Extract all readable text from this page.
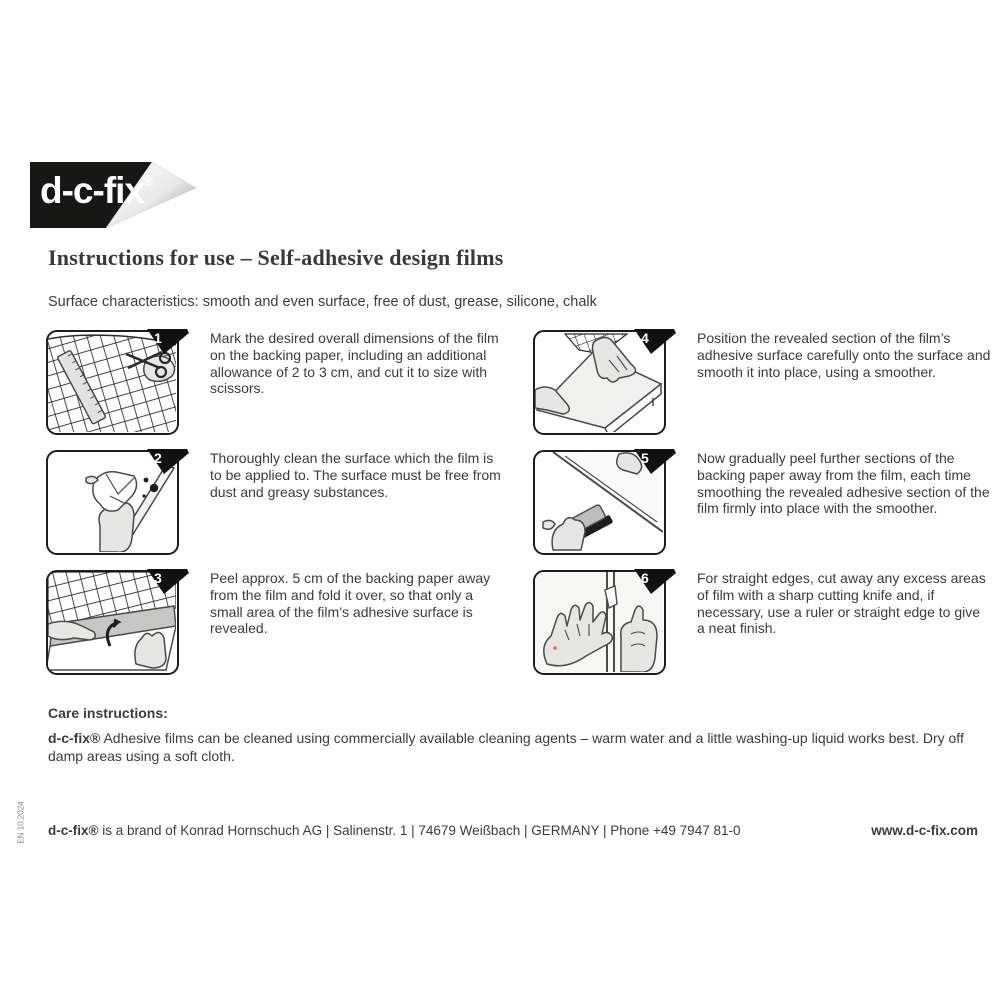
d-c-fix®
Instructions for use – Self-adhesive design films
Surface characteristics: smooth and even surface, free of dust, grease, silicone, chalk
1	Mark the desired overall dimensions of the film on the backing paper, including an additional allowance of 2 to 3 cm, and cut it to size with scissors.
2	Thoroughly clean the surface which the film is to be applied to. The surface must be free from dust and greasy substances.
3	Peel approx. 5 cm of the backing paper away from the film and fold it over, so that only a small area of the film’s adhesive surface is revealed.
4	Position the revealed section of the film’s adhesive surface carefully onto the surface and smooth it into place, using a smoother.
5	Now gradually peel further sections of the backing paper away from the film, each time smoothing the revealed adhesive section of the film firmly into place with the smoother.
6	For straight edges, cut away any excess areas of film with a sharp cutting knife and, if necessary, use a ruler or straight edge to give a neat finish.
Care instructions:
d-c-fix® Adhesive films can be cleaned using commercially available cleaning agents – warm water and a little washing-up liquid works best. Dry off damp areas using a soft cloth.
d-c-fix® is a brand of Konrad Hornschuch AG | Salinenstr. 1 | 74679 Weißbach | GERMANY | Phone +49 7947 81-0	www.d-c-fix.com
EN 10.2024
